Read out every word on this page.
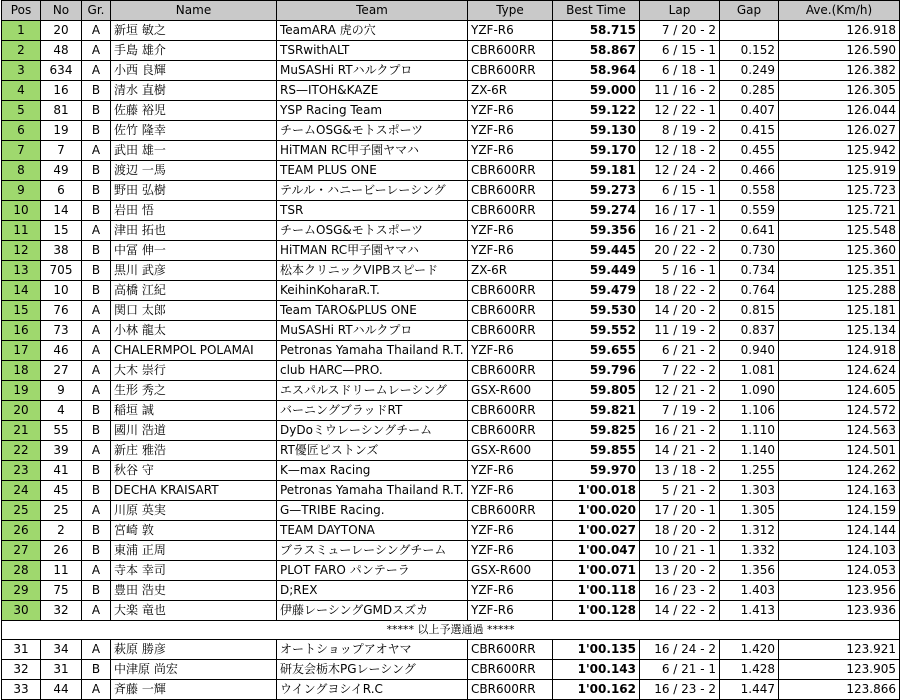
Pos	No	Gr.	Name	Team	Type	Best Time	Lap	Gap	Ave.(Km/h)
1	20	A	新垣 敏之	TeamARA 虎の穴	YZF-R6	58.715	7 / 20 - 2		126.918
2	48	A	手島 雄介	TSRwithALT	CBR600RR	58.867	6 / 15 - 1	0.152	126.590
3	634	A	小西 良輝	MuSASHi RTハルクプロ	CBR600RR	58.964	6 / 18 - 1	0.249	126.382
4	16	B	清水 直樹	RS—ITOH&KAZE	ZX-6R	59.000	11 / 16 - 2	0.285	126.305
5	81	B	佐藤 裕児	YSP Racing Team	YZF-R6	59.122	12 / 22 - 1	0.407	126.044
6	19	B	佐竹 隆幸	チームOSG&モトスポーツ	YZF-R6	59.130	8 / 19 - 2	0.415	126.027
7	7	A	武田 雄一	HiTMAN RC甲子園ヤマハ	YZF-R6	59.170	12 / 18 - 2	0.455	125.942
8	49	B	渡辺 一馬	TEAM PLUS ONE	CBR600RR	59.181	12 / 24 - 2	0.466	125.919
9	6	B	野田 弘樹	テルル・ハニービーレーシング	CBR600RR	59.273	6 / 15 - 1	0.558	125.723
10	14	B	岩田 悟	TSR	CBR600RR	59.274	16 / 17 - 1	0.559	125.721
11	15	A	津田 拓也	チームOSG&モトスポーツ	YZF-R6	59.356	16 / 21 - 2	0.641	125.548
12	38	B	中冨 伸一	HiTMAN RC甲子園ヤマハ	YZF-R6	59.445	20 / 22 - 2	0.730	125.360
13	705	B	黒川 武彦	松本クリニックVIPBスピード	ZX-6R	59.449	5 / 16 - 1	0.734	125.351
14	10	B	高橋 江紀	KeihinKoharaR.T.	CBR600RR	59.479	18 / 22 - 2	0.764	125.288
15	76	A	関口 太郎	Team TARO&PLUS ONE	CBR600RR	59.530	14 / 20 - 2	0.815	125.181
16	73	A	小林 龍太	MuSASHi RTハルクプロ	CBR600RR	59.552	11 / 19 - 2	0.837	125.134
17	46	A	CHALERMPOL POLAMAI	Petronas Yamaha Thailand R.T.	YZF-R6	59.655	6 / 21 - 2	0.940	124.918
18	27	A	大木 崇行	club HARC—PRO.	CBR600RR	59.796	7 / 22 - 2	1.081	124.624
19	9	A	生形 秀之	エスパルスドリームレーシング	GSX-R600	59.805	12 / 21 - 2	1.090	124.605
20	4	B	稲垣 誠	バーニングブラッドRT	CBR600RR	59.821	7 / 19 - 2	1.106	124.572
21	55	B	國川 浩道	DyDoミウレーシングチーム	CBR600RR	59.825	16 / 21 - 2	1.110	124.563
22	39	A	新庄 雅浩	RT優匠ピストンズ	GSX-R600	59.855	14 / 21 - 2	1.140	124.501
23	41	B	秋谷 守	K—max Racing	YZF-R6	59.970	13 / 18 - 2	1.255	124.262
24	45	B	DECHA KRAISART	Petronas Yamaha Thailand R.T.	YZF-R6	1'00.018	5 / 21 - 2	1.303	124.163
25	25	A	川原 英実	G—TRIBE Racing.	CBR600RR	1'00.020	17 / 20 - 1	1.305	124.159
26	2	B	宮崎 敦	TEAM DAYTONA	YZF-R6	1'00.027	18 / 20 - 2	1.312	124.144
27	26	B	東浦 正周	ブラスミューレーシングチーム	YZF-R6	1'00.047	10 / 21 - 1	1.332	124.103
28	11	A	寺本 幸司	PLOT FARO パンテーラ	GSX-R600	1'00.071	13 / 20 - 2	1.356	124.053
29	75	B	豊田 浩史	D;REX	YZF-R6	1'00.118	16 / 23 - 2	1.403	123.956
30	32	A	大楽 竜也	伊藤レーシングGMDスズカ	YZF-R6	1'00.128	14 / 22 - 2	1.413	123.936
***** 以上予選通過 *****									
31	34	A	萩原 勝彦	オートショップアオヤマ	CBR600RR	1'00.135	16 / 24 - 2	1.420	123.921
32	31	B	中津原 尚宏	研友会栃木PGレーシング	CBR600RR	1'00.143	6 / 21 - 1	1.428	123.905
33	44	A	斉藤 一輝	ウイングヨシイR.C	CBR600RR	1'00.162	16 / 23 - 2	1.447	123.866
